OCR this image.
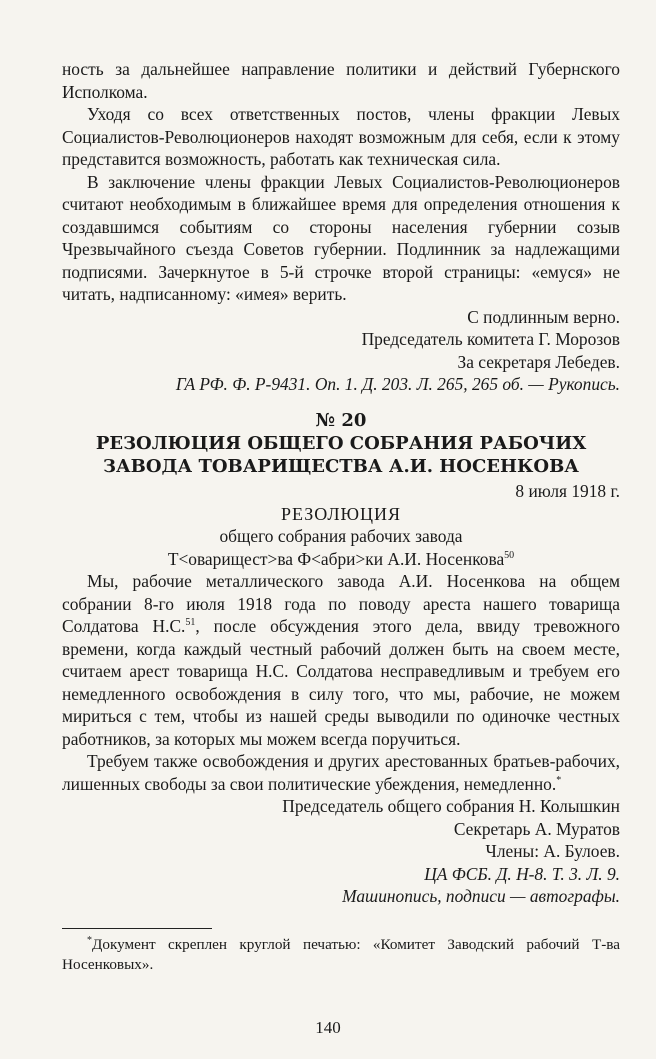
ность за дальнейшее направление политики и действий Губернского Исполкома.

Уходя со всех ответственных постов, члены фракции Левых Социалистов-Революционеров находят возможным для себя, если к этому представится возможность, работать как техническая сила.

В заключение члены фракции Левых Социалистов-Революционеров считают необходимым в ближайшее время для определения отношения к создавшимся событиям со стороны населения губернии созыв Чрезвычайного съезда Советов губернии. Подлинник за надлежащими подписями. Зачеркнутое в 5-й строчке второй страницы: «емуся» не читать, надписанному: «имея» верить.

С подлинным верно.

Председатель комитета Г. Морозов

За секретаря Лебедев.

ГА РФ. Ф. Р-9431. Оп. 1. Д. 203. Л. 265, 265 об. — Рукопись.

№ 20

РЕЗОЛЮЦИЯ ОБЩЕГО СОБРАНИЯ РАБОЧИХ ЗАВОДА ТОВАРИЩЕСТВА А.И. НОСЕНКОВА

8 июля 1918 г.

РЕЗОЛЮЦИЯ

общего собрания рабочих завода

Т<оварищест>ва Ф<абри>ки А.И. Носенкова$^{50}$

Мы, рабочие металлического завода А.И. Носенкова на общем собрании 8-го июля 1918 года по поводу ареста нашего товарища Солдатова Н.С.$^{51}$, после обсуждения этого дела, ввиду тревожного времени, когда каждый честный рабочий должен быть на своем месте, считаем арест товарища Н.С. Солдатова несправедливым и требуем его немедленного освобождения в силу того, что мы, рабочие, не можем мириться с тем, чтобы из нашей среды выводили по одиночке честных работников, за которых мы можем всегда поручиться.

Требуем также освобождения и других арестованных братьев-рабочих, лишенных свободы за свои политические убеждения, немедленно.*

Председатель общего собрания Н. Колышкин

Секретарь А. Муратов

Члены: А. Булоев.

ЦА ФСБ. Д. Н-8. Т. 3. Л. 9.

Машинопись, подписи — автографы.

*Документ скреплен круглой печатью: «Комитет Заводский рабочий Т-ва Носенковых».

140
